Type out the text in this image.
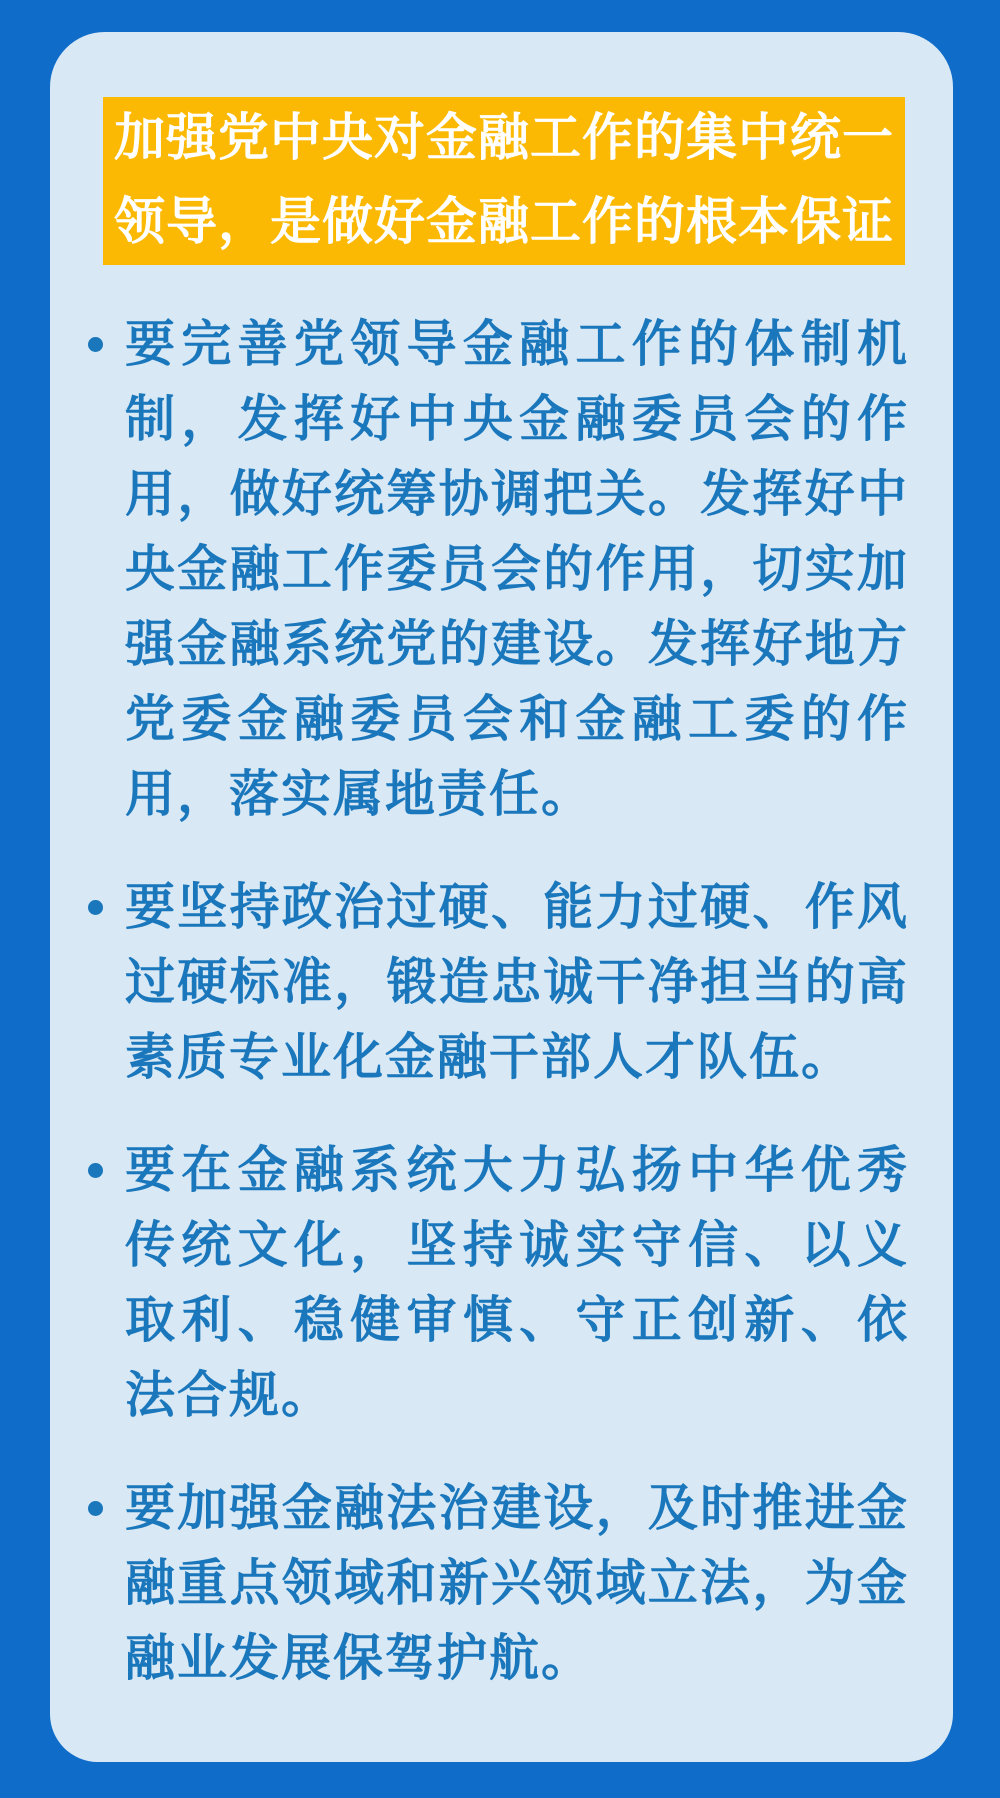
加强党中央对金融工作的集中统一
领导，是做好金融工作的根本保证
要完善党领导金融工作的体制机
制，发挥好中央金融委员会的作
用，做好统筹协调把关。发挥好中
央金融工作委员会的作用，切实加
强金融系统党的建设。发挥好地方
党委金融委员会和金融工委的作
用，落实属地责任。
要坚持政治过硬、能力过硬、作风
过硬标准，锻造忠诚干净担当的高
素质专业化金融干部人才队伍。
要在金融系统大力弘扬中华优秀
传统文化，坚持诚实守信、以义
取利、稳健审慎、守正创新、依
法合规。
要加强金融法治建设，及时推进金
融重点领域和新兴领域立法，为金
融业发展保驾护航。
